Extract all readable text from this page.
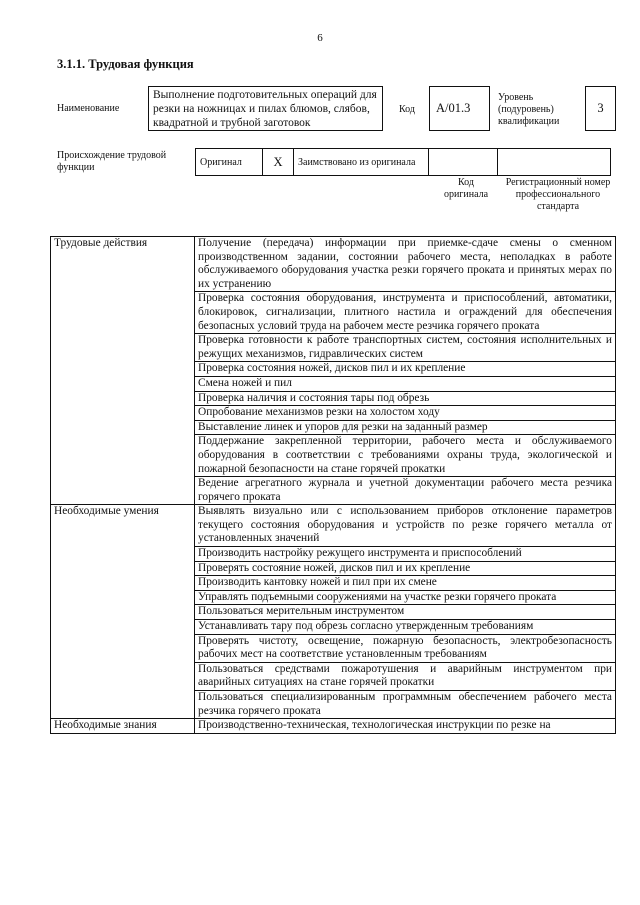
6
3.1.1. Трудовая функция
Наименование
Выполнение подготовительных операций для резки на ножницах и пилах блюмов, слябов, квадратной и трубной заготовок
Код	А/01.3
Уровень (подуровень) квалификации
3
Происхождение трудовой функции	Оригинал	X	Заимствовано из оригинала		
Код оригинала
Регистрационный номер профессионального стандарта
Трудовые действия	Получение (передача) информации при приемке-сдаче смены о сменном производственном задании, состоянии рабочего места, неполадках в работе обслуживаемого оборудования участка резки горячего проката и принятых мерах по их устранению
	Проверка состояния оборудования, инструмента и приспособлений, автоматики, блокировок, сигнализации, плитного настила и ограждений для обеспечения безопасных условий труда на рабочем месте резчика горячего проката
	Проверка готовности к работе транспортных систем, состояния исполнительных и режущих механизмов, гидравлических систем
	Проверка состояния ножей, дисков пил и их крепление
	Смена ножей и пил
	Проверка наличия и состояния тары под обрезь
	Опробование механизмов резки на холостом ходу
	Выставление линек и упоров для резки на заданный размер
	Поддержание закрепленной территории, рабочего места и обслуживаемого оборудования в соответствии с требованиями охраны труда, экологической и пожарной безопасности на стане горячей прокатки
	Ведение агрегатного журнала и учетной документации рабочего места резчика горячего проката
Необходимые умения	Выявлять визуально или с использованием приборов отклонение параметров текущего состояния оборудования и устройств по резке горячего металла от установленных значений
	Производить настройку режущего инструмента и приспособлений
	Проверять состояние ножей, дисков пил и их крепление
	Производить кантовку ножей и пил при их смене
	Управлять подъемными сооружениями на участке резки горячего проката
	Пользоваться мерительным инструментом
	Устанавливать тару под обрезь согласно утвержденным требованиям
	Проверять чистоту, освещение, пожарную безопасность, электробезопасность рабочих мест на соответствие установленным требованиям
	Пользоваться средствами пожаротушения и аварийным инструментом при аварийных ситуациях на стане горячей прокатки
	Пользоваться специализированным программным обеспечением рабочего места резчика горячего проката
Необходимые знания	Производственно-техническая, технологическая инструкции по резке на
